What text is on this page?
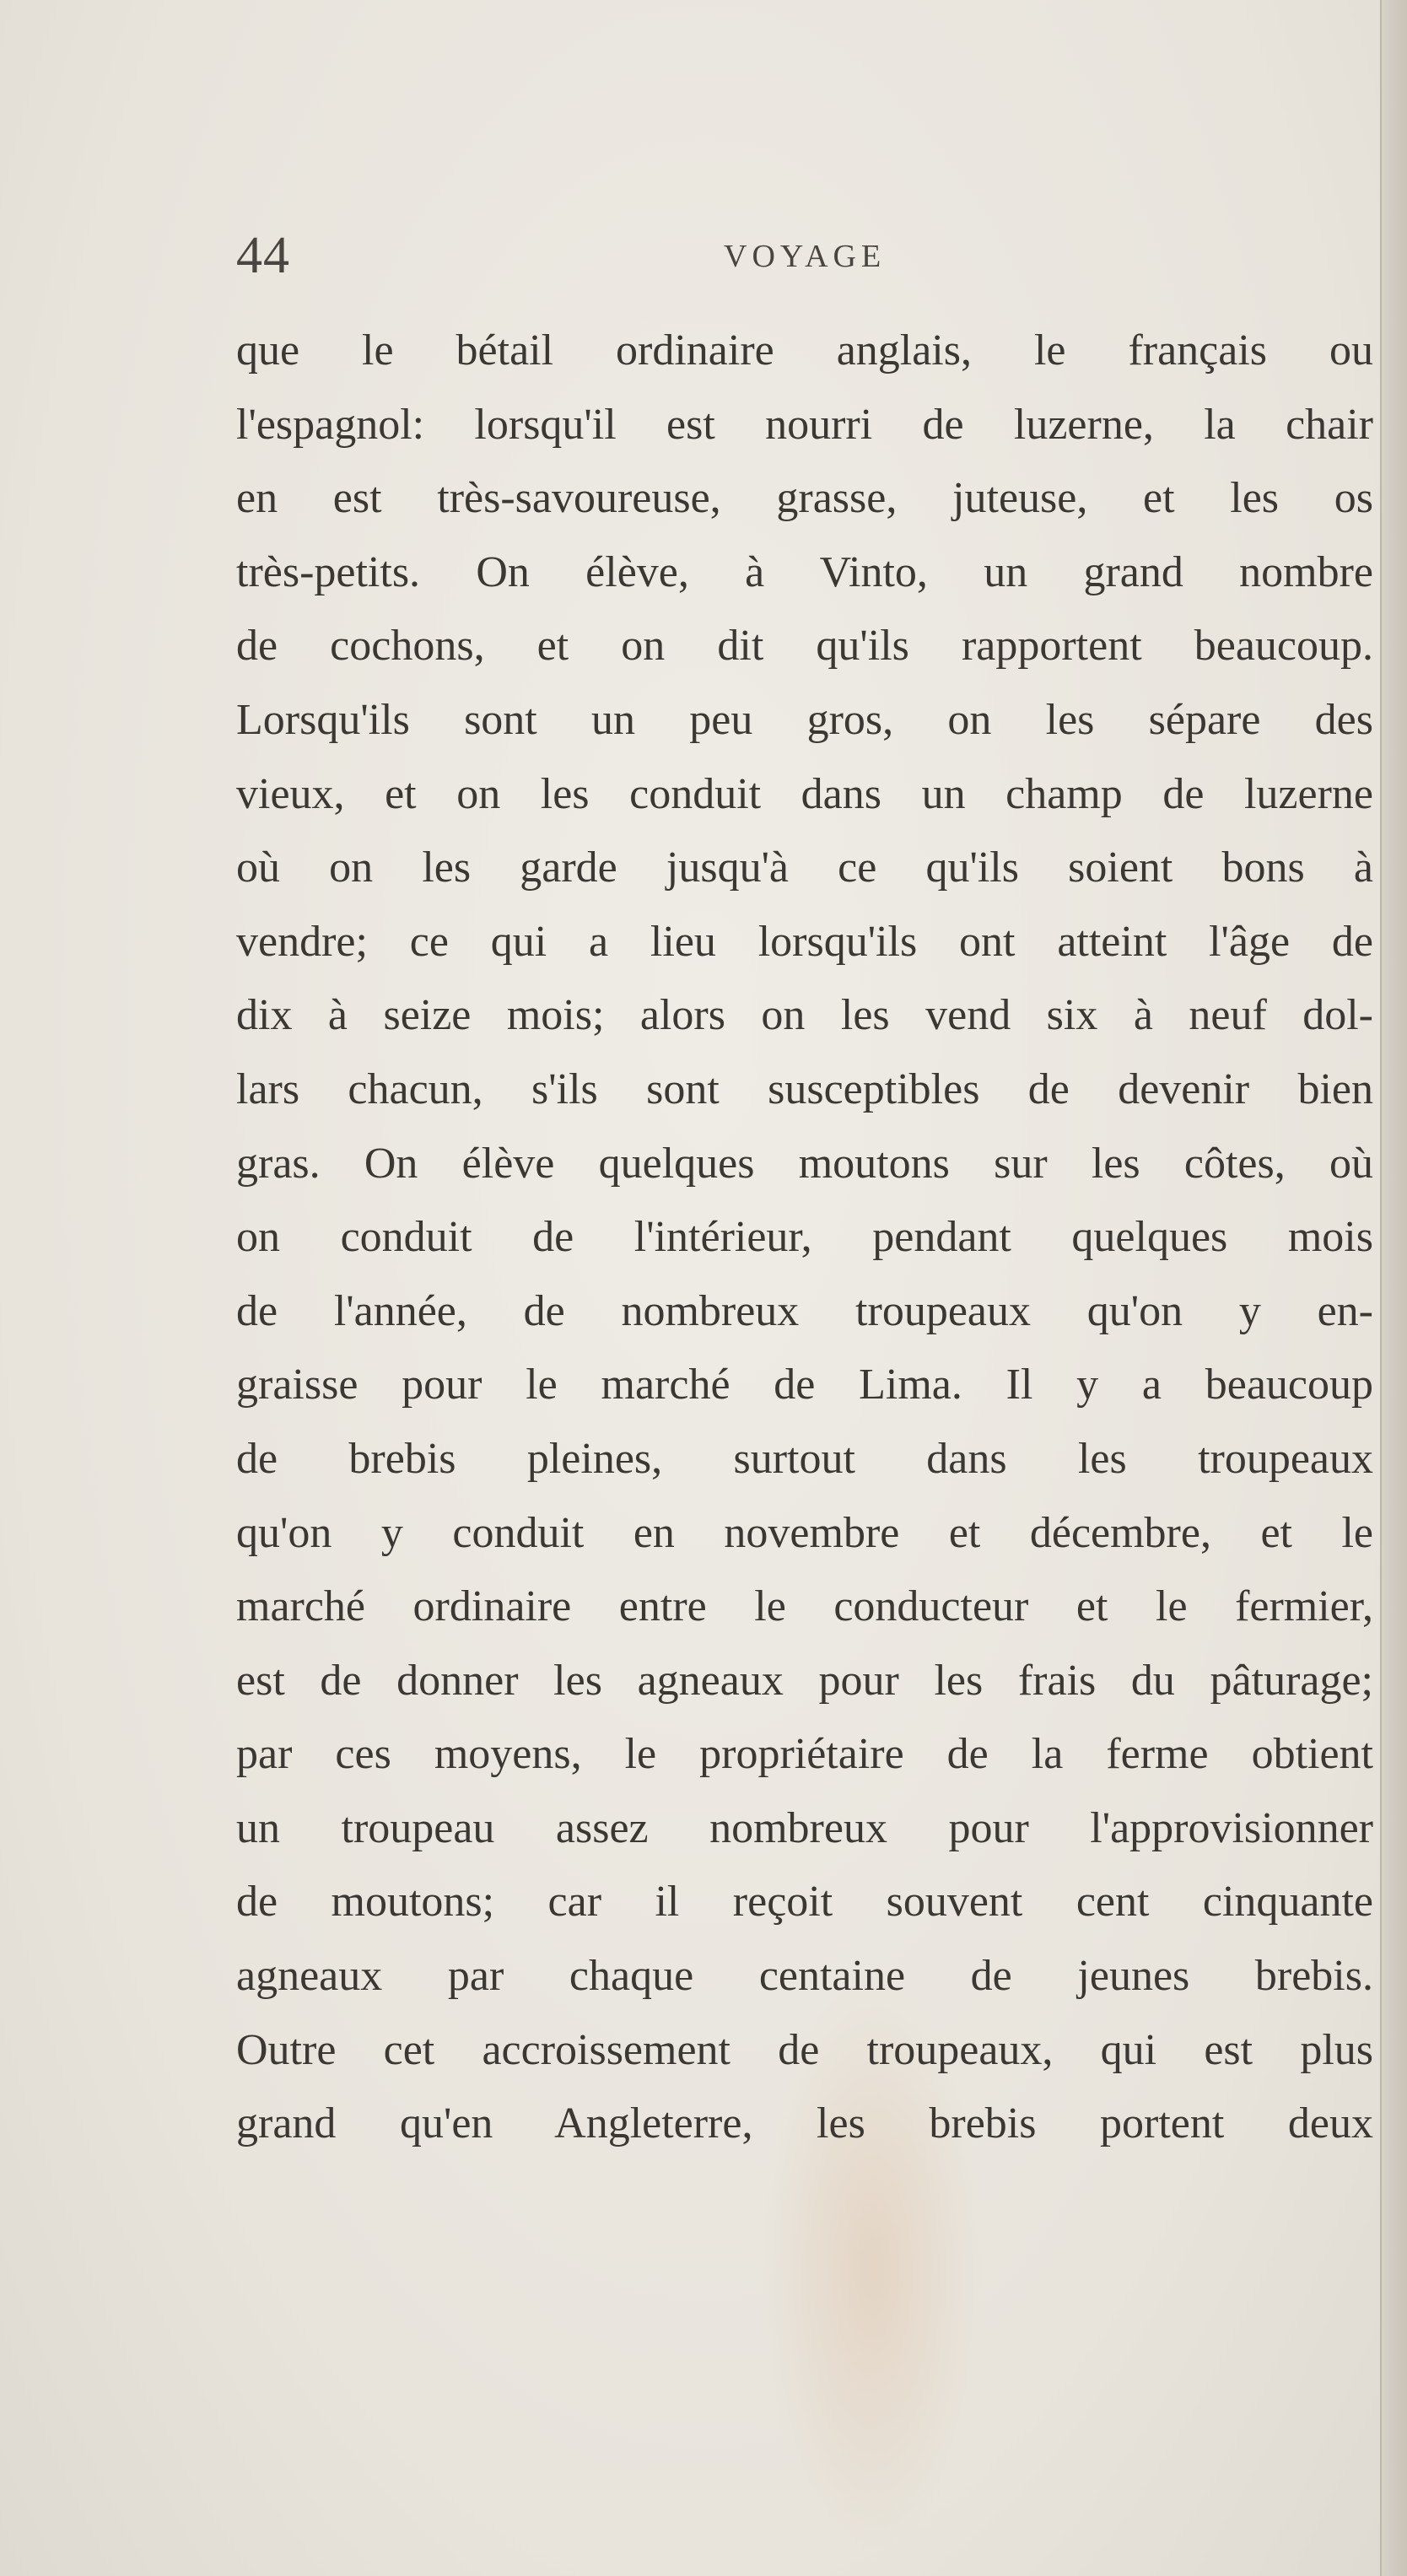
44	VOYAGE
que le bétail ordinaire anglais, le français ou
l'espagnol: lorsqu'il est nourri de luzerne, la chair
en est très-savoureuse, grasse, juteuse, et les os
très-petits. On élève, à Vinto, un grand nombre
de cochons, et on dit qu'ils rapportent beaucoup.
Lorsqu'ils sont un peu gros, on les sépare des
vieux, et on les conduit dans un champ de luzerne
où on les garde jusqu'à ce qu'ils soient bons à
vendre; ce qui a lieu lorsqu'ils ont atteint l'âge de
dix à seize mois; alors on les vend six à neuf dol-
lars chacun, s'ils sont susceptibles de devenir bien
gras. On élève quelques moutons sur les côtes, où
on conduit de l'intérieur, pendant quelques mois
de l'année, de nombreux troupeaux qu'on y en-
graisse pour le marché de Lima. Il y a beaucoup
de brebis pleines, surtout dans les troupeaux
qu'on y conduit en novembre et décembre, et le
marché ordinaire entre le conducteur et le fermier,
est de donner les agneaux pour les frais du pâturage;
par ces moyens, le propriétaire de la ferme obtient
un troupeau assez nombreux pour l'approvisionner
de moutons; car il reçoit souvent cent cinquante
agneaux par chaque centaine de jeunes brebis.
Outre cet accroissement de troupeaux, qui est plus
grand qu'en Angleterre, les brebis portent deux
